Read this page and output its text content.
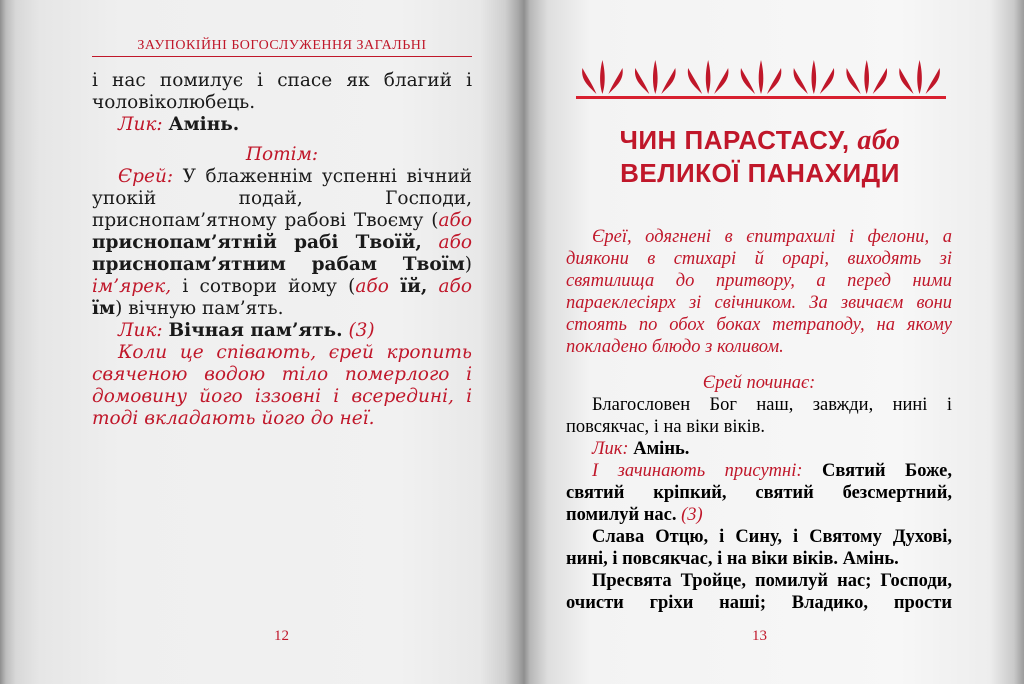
ЗАУПОКІЙНІ БОГОСЛУЖЕННЯ ЗАГАЛЬНІ

і нас помилує і спасе як благий і чоловіколюбець.

Лик: Амінь.

Потім:

Єрей: У блаженнім успенні вічний упокій подай, Господи, приснопам’ятному рабові Твоєму (або приснопам’ятній рабі Твоїй, або приснопам’ятним рабам Твоїм) ім’ярек, і сотвори йому (або їй, або їм) вічную пам’ять.

Лик: Вічная пам’ять. (3)

Коли це співають, єрей кропить свяченою водою тіло померлого і домовину його іззовні і всередині, і тоді вкладають його до неї.

12
ЧИН ПАРАСТАСУ, або
ВЕЛИКОЇ ПАНАХИДИ

Єреї, одягнені в єпитрахилі і фелони, а диякони в стихарі й орарі, виходять зі святилища до притвору, а перед ними параеклесіярх зі свічником. За звичаєм вони стоять по обох боках тетраподу, на якому покладено блюдо з коливом.

Єрей починає:

Благословен Бог наш, завжди, нині і повсякчас, і на віки віків.

Лик: Амінь.

І зачинають присутні: Святий Боже, святий кріпкий, святий безсмертний, помилуй нас. (3)

Слава Отцю, і Сину, і Святому Духові, нині, і повсякчас, і на віки віків. Амінь.

Пресвята Тройце, помилуй нас; Господи, очисти гріхи наші; Владико, прости

13
